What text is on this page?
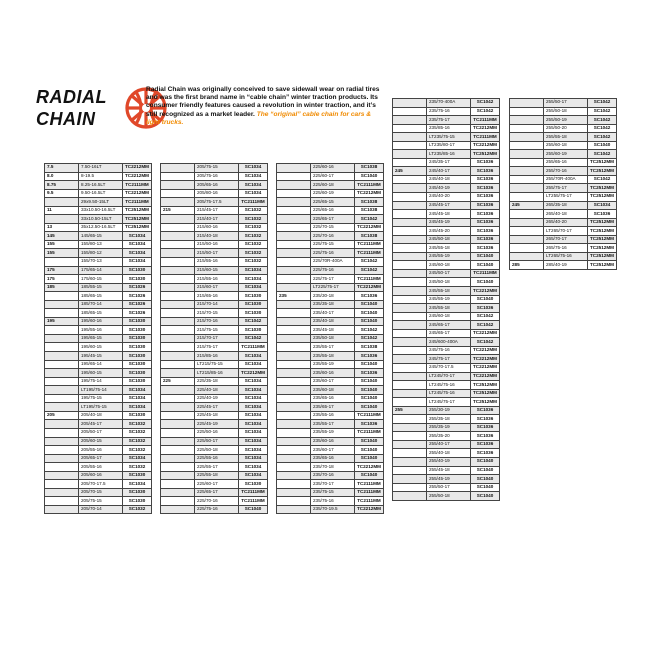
RADIAL
CHAIN
Radial Chain was originally conceived to save sidewall wear on radial tires and was the first brand name in “cable chain” winter traction products. Its consumer friendly features caused a revolution in winter traction, and it’s still recognized as a market leader. The “original” cable chain for cars & light trucks.
7.5	7.50-16LT	TC2212MM
8.0	8-19.5	TC2212MM
8.75	8.25-16.5LT	TC2111MM
9.5	9.50-16.5LT	TC2212MM
	29x9.50-15LT	TC2111MM
11	33x10.50-16.5LT	TC2512MM
	33x10.50-15LT	TC2512MM
13	35x12.50-16.5LT	TC2512MM
145	145/65-15	SC1034
155	155/80-13	SC1034
155	155/80-12	SC1034
	155/70-13	SC1034
175	175/65-14	SC1030
175	175/60-15	SC1030
185	185/55-15	SC1026
	185/65-15	SC1026
	185/70-14	SC1026
	185/65-15	SC1026
195	195/60-16	SC1030
	195/55-16	SC1030
	195/65-15	SC1030
	195/60-15	SC1030
	195/45-15	SC1030
	195/65-14	SC1030
	195/60-15	SC1030
	195/75-14	SC1030
	LT195/75-14	SC1034
	195/75-15	SC1034
	LT195/75-15	SC1034
205	205/40-18	SC1030
	205/45-17	SC1032
	205/50-17	SC1032
	205/60-15	SC1032
	205/55-16	SC1032
	205/65-17	SC1034
	205/55-16	SC1032
	205/60-16	SC1030
	205/70-17.5	SC1034
	205/70-15	SC1030
	205/75-15	SC1030
	205/70-14	SC1032
	205/75-15	SC1034
	205/75-16	SC1034
	205/65-16	SC1034
	205/80-16	SC1034
	205/75-17.5	TC2111MM
215	215/45-17	SC1032
	215/40-17	SC1032
	215/60-16	SC1032
	215/40-18	SC1032
	215/50-16	SC1032
	215/50-17	SC1032
	215/55-16	SC1032
	215/60-15	SC1034
	215/55-16	SC1034
	215/60-17	SC1034
	215/65-16	SC1030
	215/70-14	SC1030
	215/70-15	SC1030
	215/70-16	SC1042
	215/75-15	SC1030
	215/70-17	SC1042
	215/75-17	TC2111MM
	215/85-16	SC1034
	LT215/75-15	SC1034
	LT215/85-16	TC2212MM
225	225/35-18	SC1034
	225/40-18	SC1034
	225/40-19	SC1034
	225/45-17	SC1034
	225/45-18	SC1034
	225/45-19	SC1034
	225/50-16	SC1034
	225/50-17	SC1034
	225/50-18	SC1034
	225/55-16	SC1034
	225/55-17	SC1034
	225/55-18	SC1034
	225/60-17	SC1030
	225/65-17	TC2111MM
	225/70-16	TC2111MM
	225/75-16	SC1040
	225/60-16	SC1038
	225/60-17	SC1040
	225/60-18	TC2111MM
	225/60-19	TC2212MM
	225/65-15	SC1038
	225/65-16	SC1038
	225/65-17	SC1042
	225/70-15	TC2212MM
	225/70-16	SC1038
	225/75-15	TC2111MM
	225/75-16	TC2111MM
	225/70R-400A	SC1042
	225/75-16	SC1042
	225/75-17	TC2111MM
	LT225/75-17	TC2212MM
235	235/30-18	SC1036
	235/35-18	SC1040
	235/40-17	SC1040
	235/40-18	SC1040
	235/45-18	SC1042
	235/50-18	SC1042
	235/55-17	SC1038
	235/55-18	SC1036
	235/55-19	SC1040
	235/60-16	SC1036
	235/60-17	SC1040
	235/60-18	SC1040
	235/65-16	SC1040
	235/65-17	SC1040
	235/55-16	TC2111MM
	235/55-17	SC1036
	235/55-19	TC2111MM
	235/60-16	SC1040
	235/60-17	SC1040
	235/65-16	SC1040
	235/70-18	TC2212MM
	235/70-16	SC1040
	235/70-17	TC2111MM
	235/75-15	TC2111MM
	235/75-16	TC2111MM
	235/70-19.5	TC2212MM
	235/70-400A	SC1042
	235/75-16	SC1042
	235/75-17	TC2111MM
	235/85-16	TC2212MM
	LT235/75-15	TC2111MM
	LT235/80-17	TC2212MM
	LT235/85-16	TC2512MM
	245/35-17	SC1036
245	245/40-17	SC1036
	245/40-18	SC1036
	245/40-19	SC1036
	245/40-20	SC1036
	245/45-17	SC1036
	245/45-18	SC1036
	245/45-19	SC1036
	245/45-20	SC1036
	245/50-18	SC1036
	245/55-18	SC1036
	245/55-19	SC1040
	245/60-18	SC1040
	245/50-17	TC2111MM
	245/50-18	SC1040
	245/55-18	TC2212MM
	245/55-19	SC1040
	245/55-18	SC1036
	245/60-18	SC1042
	245/65-17	SC1042
	245/65-17	TC2212MM
	245/600-400A	SC1042
	245/75-16	TC2212MM
	245/75-17	TC2212MM
	245/70-17.5	TC2212MM
	LT245/70-17	TC2212MM
	LT245/75-16	TC2512MM
	LT245/75-16	TC2512MM
	LT245/75-17	TC2512MM
255	255/30-19	SC1036
	255/35-18	SC1036
	255/35-19	SC1036
	255/35-20	SC1036
	255/40-17	SC1036
	255/40-18	SC1036
	255/40-19	SC1040
	255/45-18	SC1040
	255/45-19	SC1040
	255/50-17	SC1040
	255/50-18	SC1040
	255/50-17	SC1042
	255/50-18	SC1042
	255/50-19	SC1042
	255/50-20	SC1042
	255/55-18	SC1042
	255/60-18	SC1040
	255/60-19	SC1042
	255/65-16	TC2512MM
	255/70-16	TC2512MM
	255/70R-400A	SC1042
	255/75-17	TC2512MM
	LT255/75-17	TC2512MM
245	265/35-18	SC1034
	265/40-18	SC1036
	265/40-20	TC2512MM
	LT265/70-17	TC2512MM
	265/70-17	TC2512MM
	265/75-16	TC2512MM
	LT265/75-16	TC2512MM
285	285/40-19	TC2512MM
